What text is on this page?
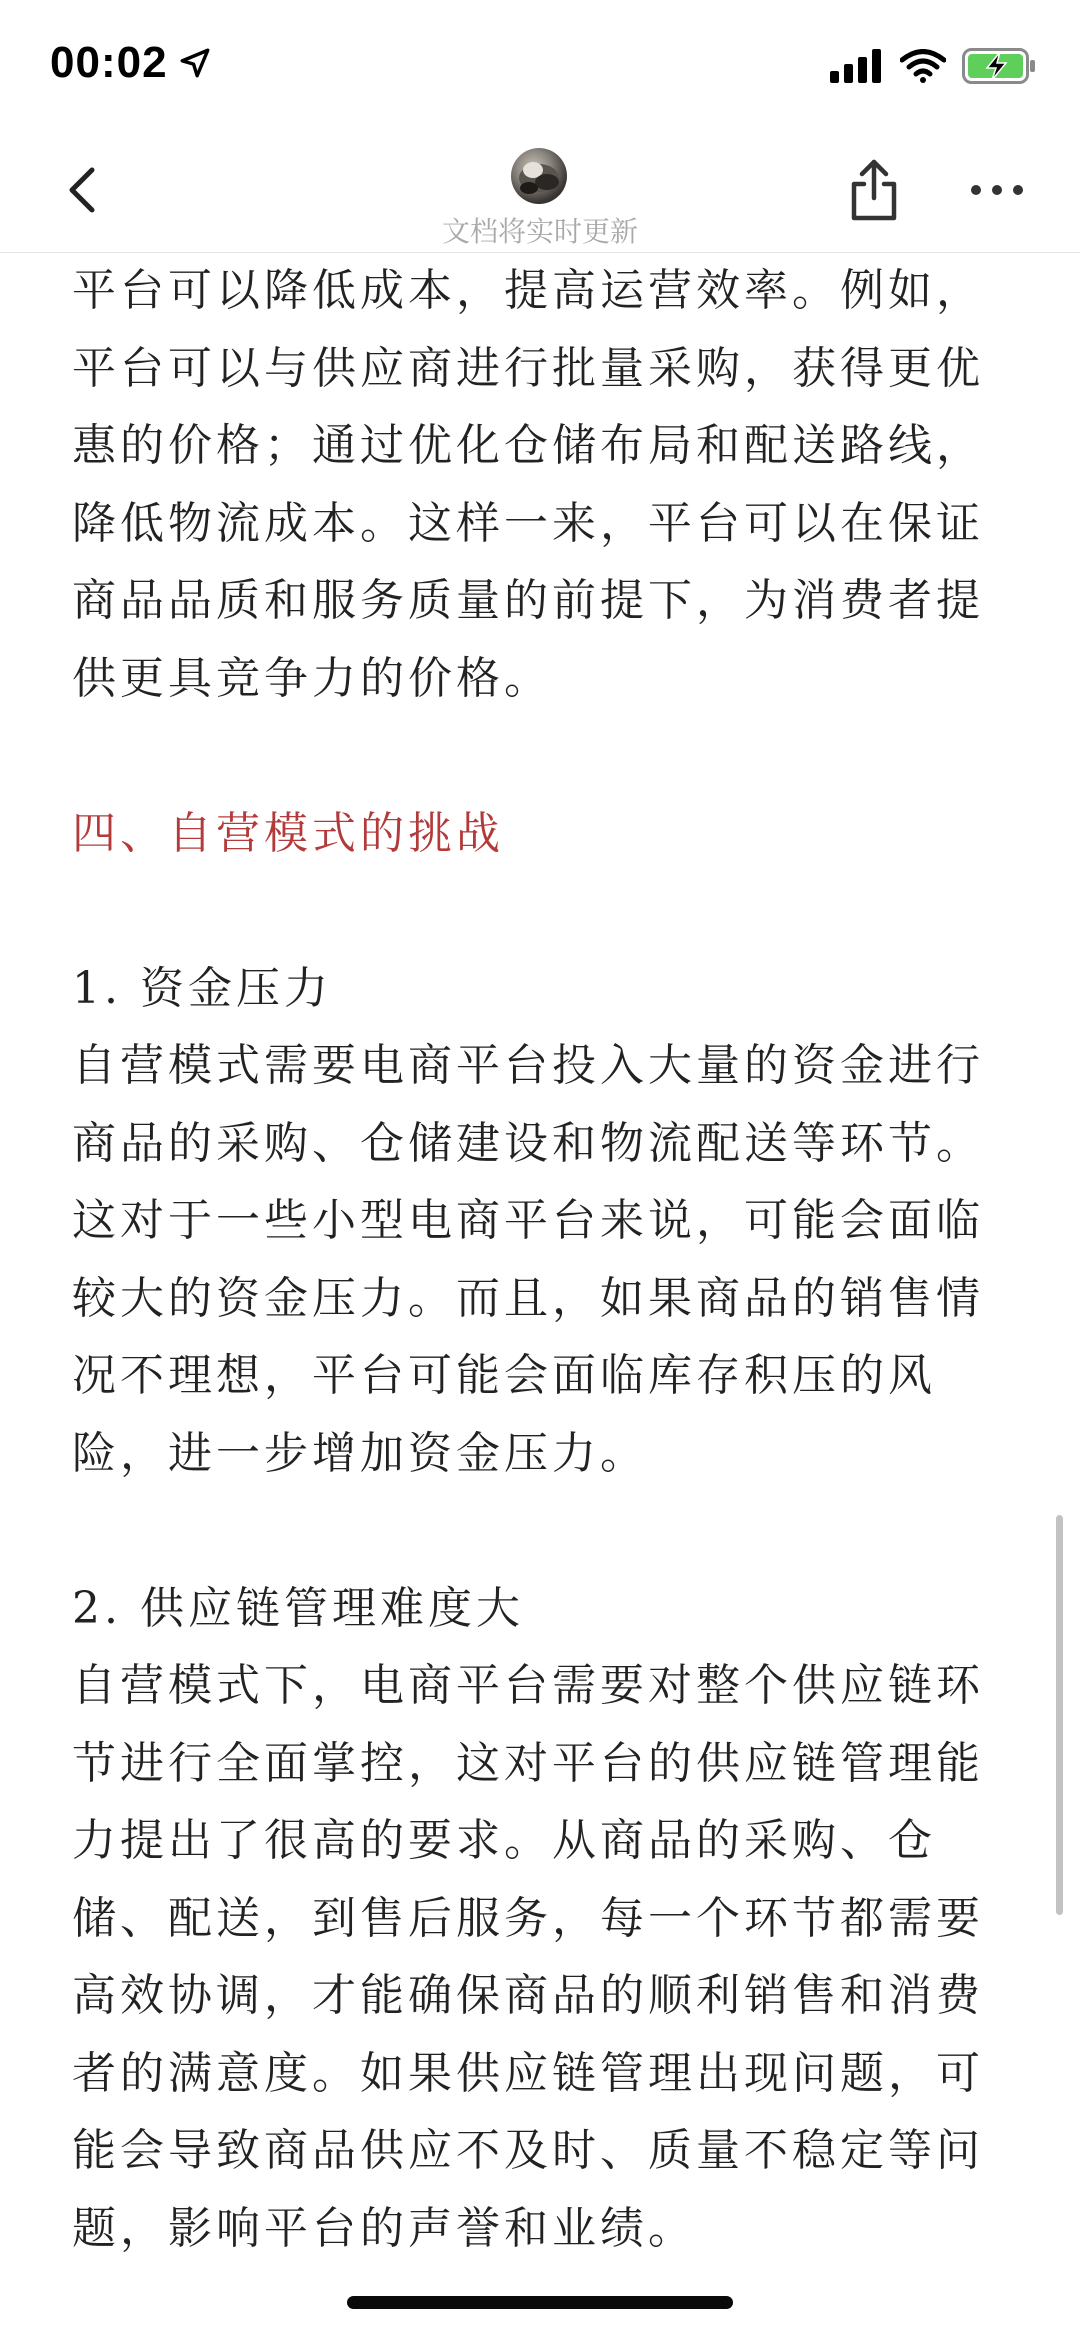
00:02
文档将实时更新

平台可以降低成本，提高运营效率。例如，

平台可以与供应商进行批量采购，获得更优

惠的价格；通过优化仓储布局和配送路线，

降低物流成本。这样一来，平台可以在保证

商品品质和服务质量的前提下，为消费者提

供更具竞争力的价格。

四、自营模式的挑战

1. 资金压力

自营模式需要电商平台投入大量的资金进行

商品的采购、仓储建设和物流配送等环节。

这对于一些小型电商平台来说，可能会面临

较大的资金压力。而且，如果商品的销售情

况不理想，平台可能会面临库存积压的风

险，进一步增加资金压力。

2. 供应链管理难度大

自营模式下，电商平台需要对整个供应链环

节进行全面掌控，这对平台的供应链管理能

力提出了很高的要求。从商品的采购、仓

储、配送，到售后服务，每一个环节都需要

高效协调，才能确保商品的顺利销售和消费

者的满意度。如果供应链管理出现问题，可

能会导致商品供应不及时、质量不稳定等问

题，影响平台的声誉和业绩。
